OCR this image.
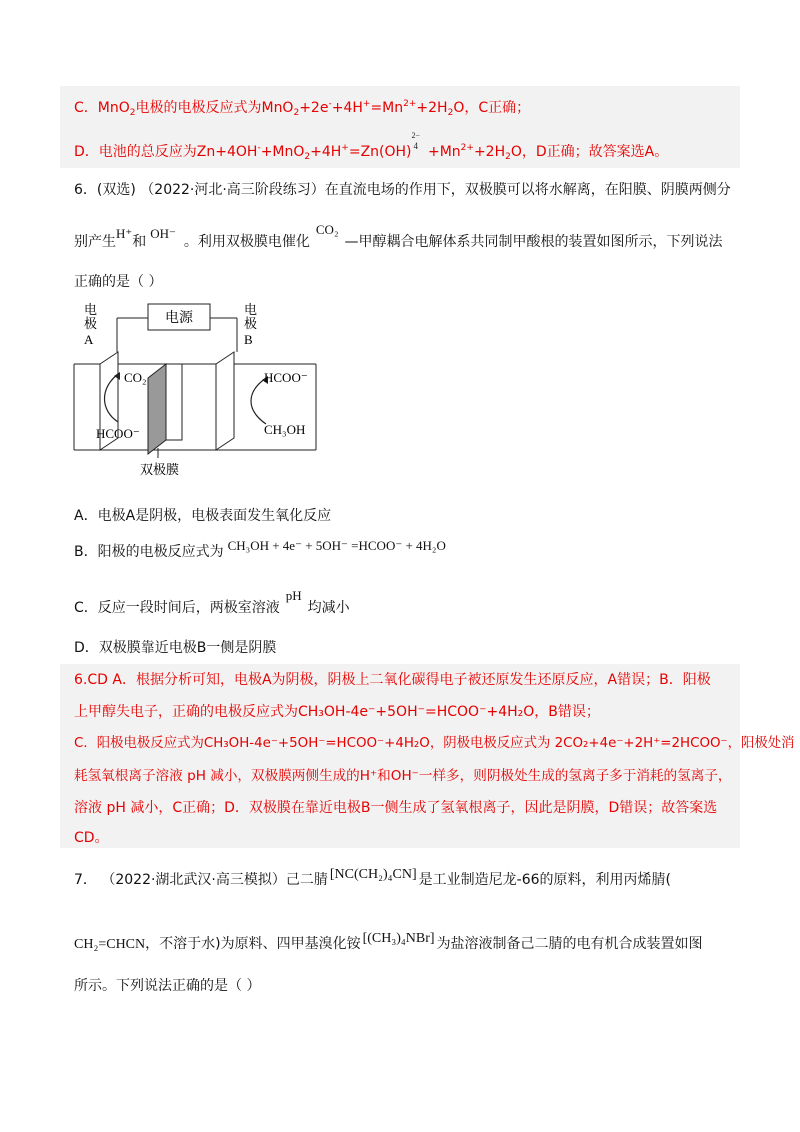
C．MnO$_2$电极的电极反应式为$MnO_2+2e^-+4H^+=Mn^{2+}+2H_2O$，C正确；
D．电池的总反应为Zn+4OH-+MnO$_2$+4H+=Zn(OH)
2−
$4 +Mn^{2+}+2H_2O$，D正确；故答案选A。
6．(双选) （2022·河北·高三阶段练习）在直流电场的作用下，双极膜可以将水解离，在阳膜、阴膜两侧分
别产生H⁺和OH⁻。利用双极膜电催化CO₂—甲醇耦合电解体系共同制甲酸根的装置如图所示，下列说法
正确的是（ ）
电源
电
极
A
电
极
B
CO₂
HCOO⁻
HCOO⁻
CH₃OH
双极膜
A．电极A是阴极，电极表面发生氧化反应
B．阳极的电极反应式为 CH₃OH + 4e⁻ + 5OH⁻ =HCOO⁻ + 4H₂O
C．反应一段时间后，两极室溶液pH均减小
D．双极膜靠近电极B一侧是阴膜
6.CD A．根据分析可知，电极A为阴极，阴极上二氧化碳得电子被还原发生还原反应，A错误；B．阳极
上甲醇失电子，正确的电极反应式为CH₃OH-4e⁻+5OH⁻=HCOO⁻+4H₂O，B错误；
C．阳极电极反应式为CH₃OH-4e⁻+5OH⁻=HCOO⁻+4H₂O，阴极电极反应式为 2CO₂+4e⁻+2H⁺=2HCOO⁻，阳极处消
耗氢氧根离子溶液 pH 减小，双极膜两侧生成的H⁺和OH⁻一样多，则阴极处生成的氢离子多于消耗的氢离子，
溶液 pH 减小，C正确；D．双极膜在靠近电极B一侧生成了氢氧根离子，因此是阴膜，D错误；故答案选
CD。
7． （2022·湖北武汉·高三模拟）己二腈 [NC(CH₂)₄CN] 是工业制造尼龙-66的原料，利用丙烯腈(
CH₂=CHCN，不溶于水)为原料、四甲基溴化铵 [(CH₃)₄NBr] 为盐溶液制备己二腈的电有机合成装置如图
所示。下列说法正确的是（ ）
